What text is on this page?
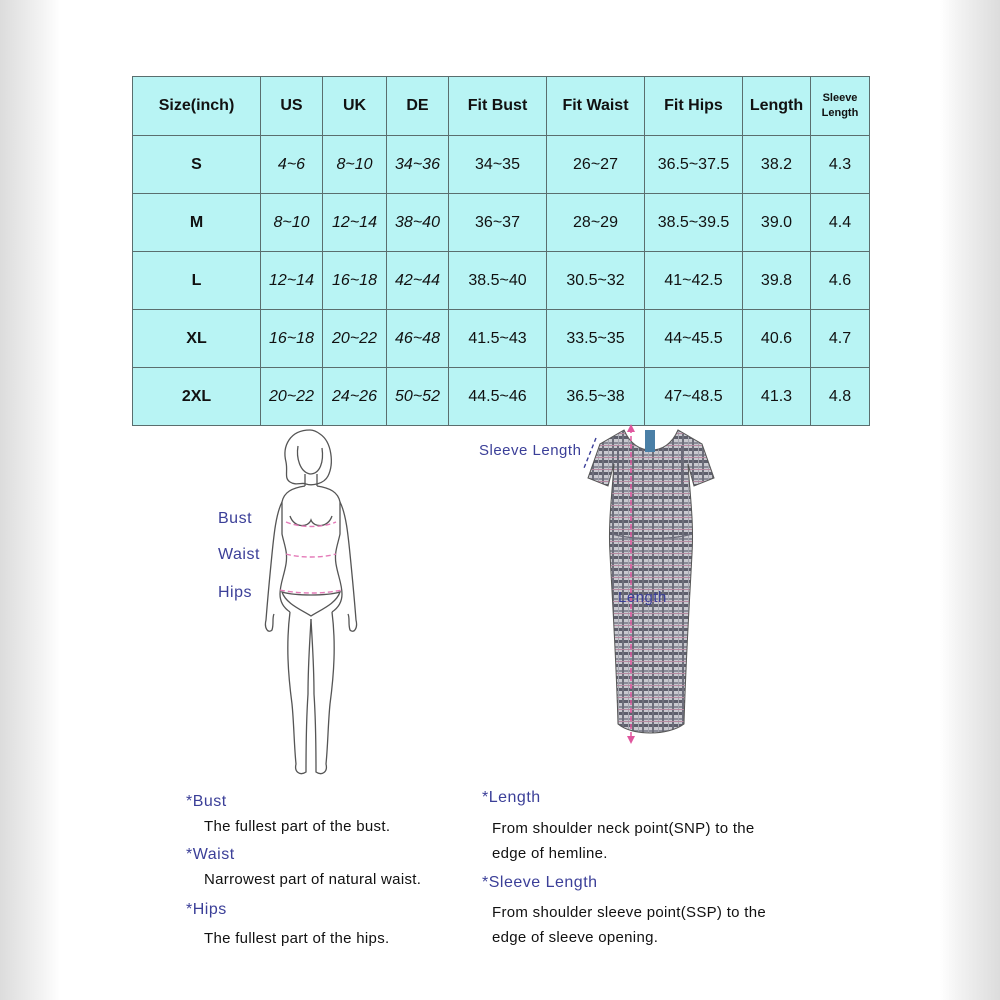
Size(inch)	US	UK	DE	Fit Bust	Fit Waist	Fit Hips	Length	Sleeve Length
S	4~6	8~10	34~36	34~35	26~27	36.5~37.5	38.2	4.3
M	8~10	12~14	38~40	36~37	28~29	38.5~39.5	39.0	4.4
L	12~14	16~18	42~44	38.5~40	30.5~32	41~42.5	39.8	4.6
XL	16~18	20~22	46~48	41.5~43	33.5~35	44~45.5	40.6	4.7
2XL	20~22	24~26	50~52	44.5~46	36.5~38	47~48.5	41.3	4.8
Bust
Waist
Hips
Sleeve Length
Length
*Bust
The fullest part of the bust.
*Waist
Narrowest part of natural waist.
*Hips
The fullest part of the hips.
*Length
From shoulder neck point(SNP) to the
edge of hemline.
*Sleeve Length
From shoulder sleeve point(SSP) to the
edge of sleeve opening.
